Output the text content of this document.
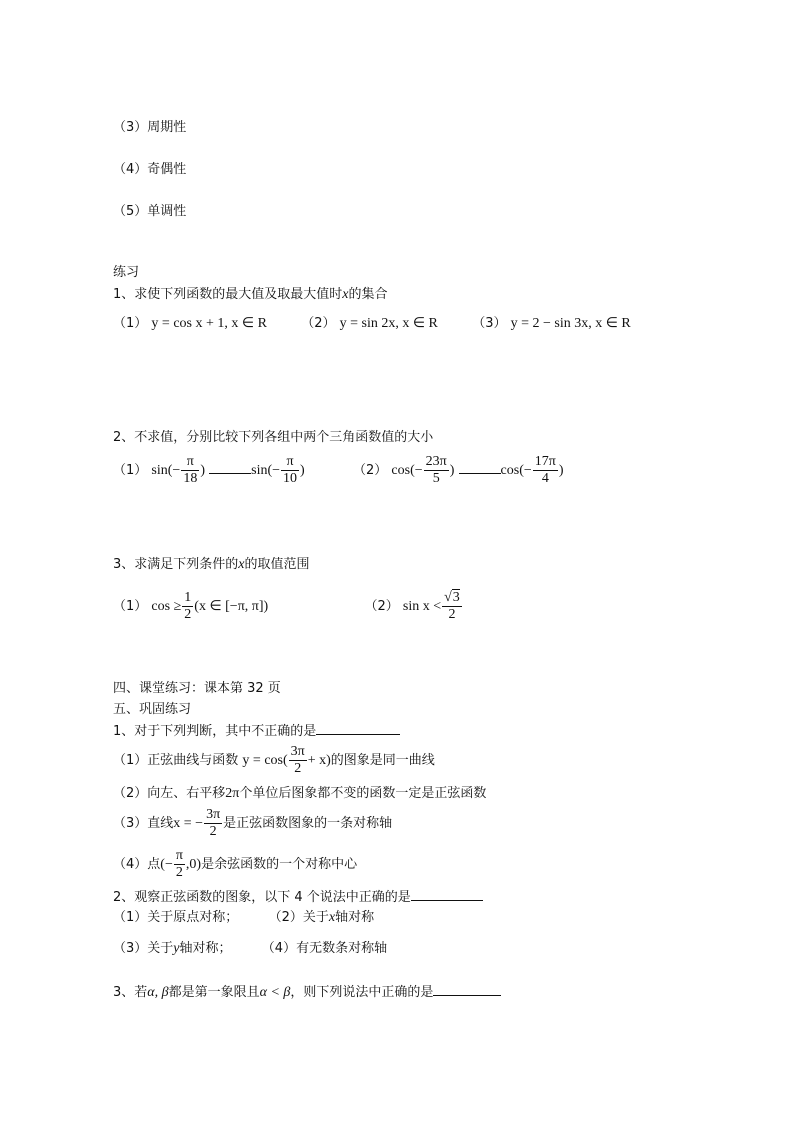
（3）周期性
（4）奇偶性
（5）单调性
练习
1、求使下列函数的最大值及取最大值时x的集合
（1） y = cos x + 1, x ∈ R	（2） y = sin 2x, x ∈ R	（3） y = 2 − sin 3x, x ∈ R
2、不求值，分别比较下列各组中两个三角函数值的大小
（1） $\sin(- \frac{\pi}{18}$ )	$\sin(- \frac{\pi}{10}$ )	（2） $\cos(- \frac{23\pi}{5}$ )	$\cos(- \frac{17\pi}{4}$ )
3、求满足下列条件的x的取值范围
（1） $\cos \ge \frac{1}{2} (x$ ∈ [−π, π])	（2） $\sin x < \frac{√3}{2}$
四、课堂练习：课本第 32 页
五、巩固练习
1、对于下列判断，其中不正确的是
（1）正弦曲线与函数 $y = \cos( \frac{3\pi}{2} + x)$的图象是同一曲线
（2）向左、右平移2π个单位后图象都不变的函数一定是正弦函数
（3）直线x = − $\frac{3\pi}{2}$ 是正弦函数图象的一条对称轴
（4）点(− $\frac{\pi}{2} ,0$)是余弦函数的一个对称中心
2、观察正弦函数的图象，以下 4 个说法中正确的是
（1）关于原点对称； （2）关于x轴对称
（3）关于y轴对称； （4）有无数条对称轴
3、若α, β都是第一象限且α < β，则下列说法中正确的是
